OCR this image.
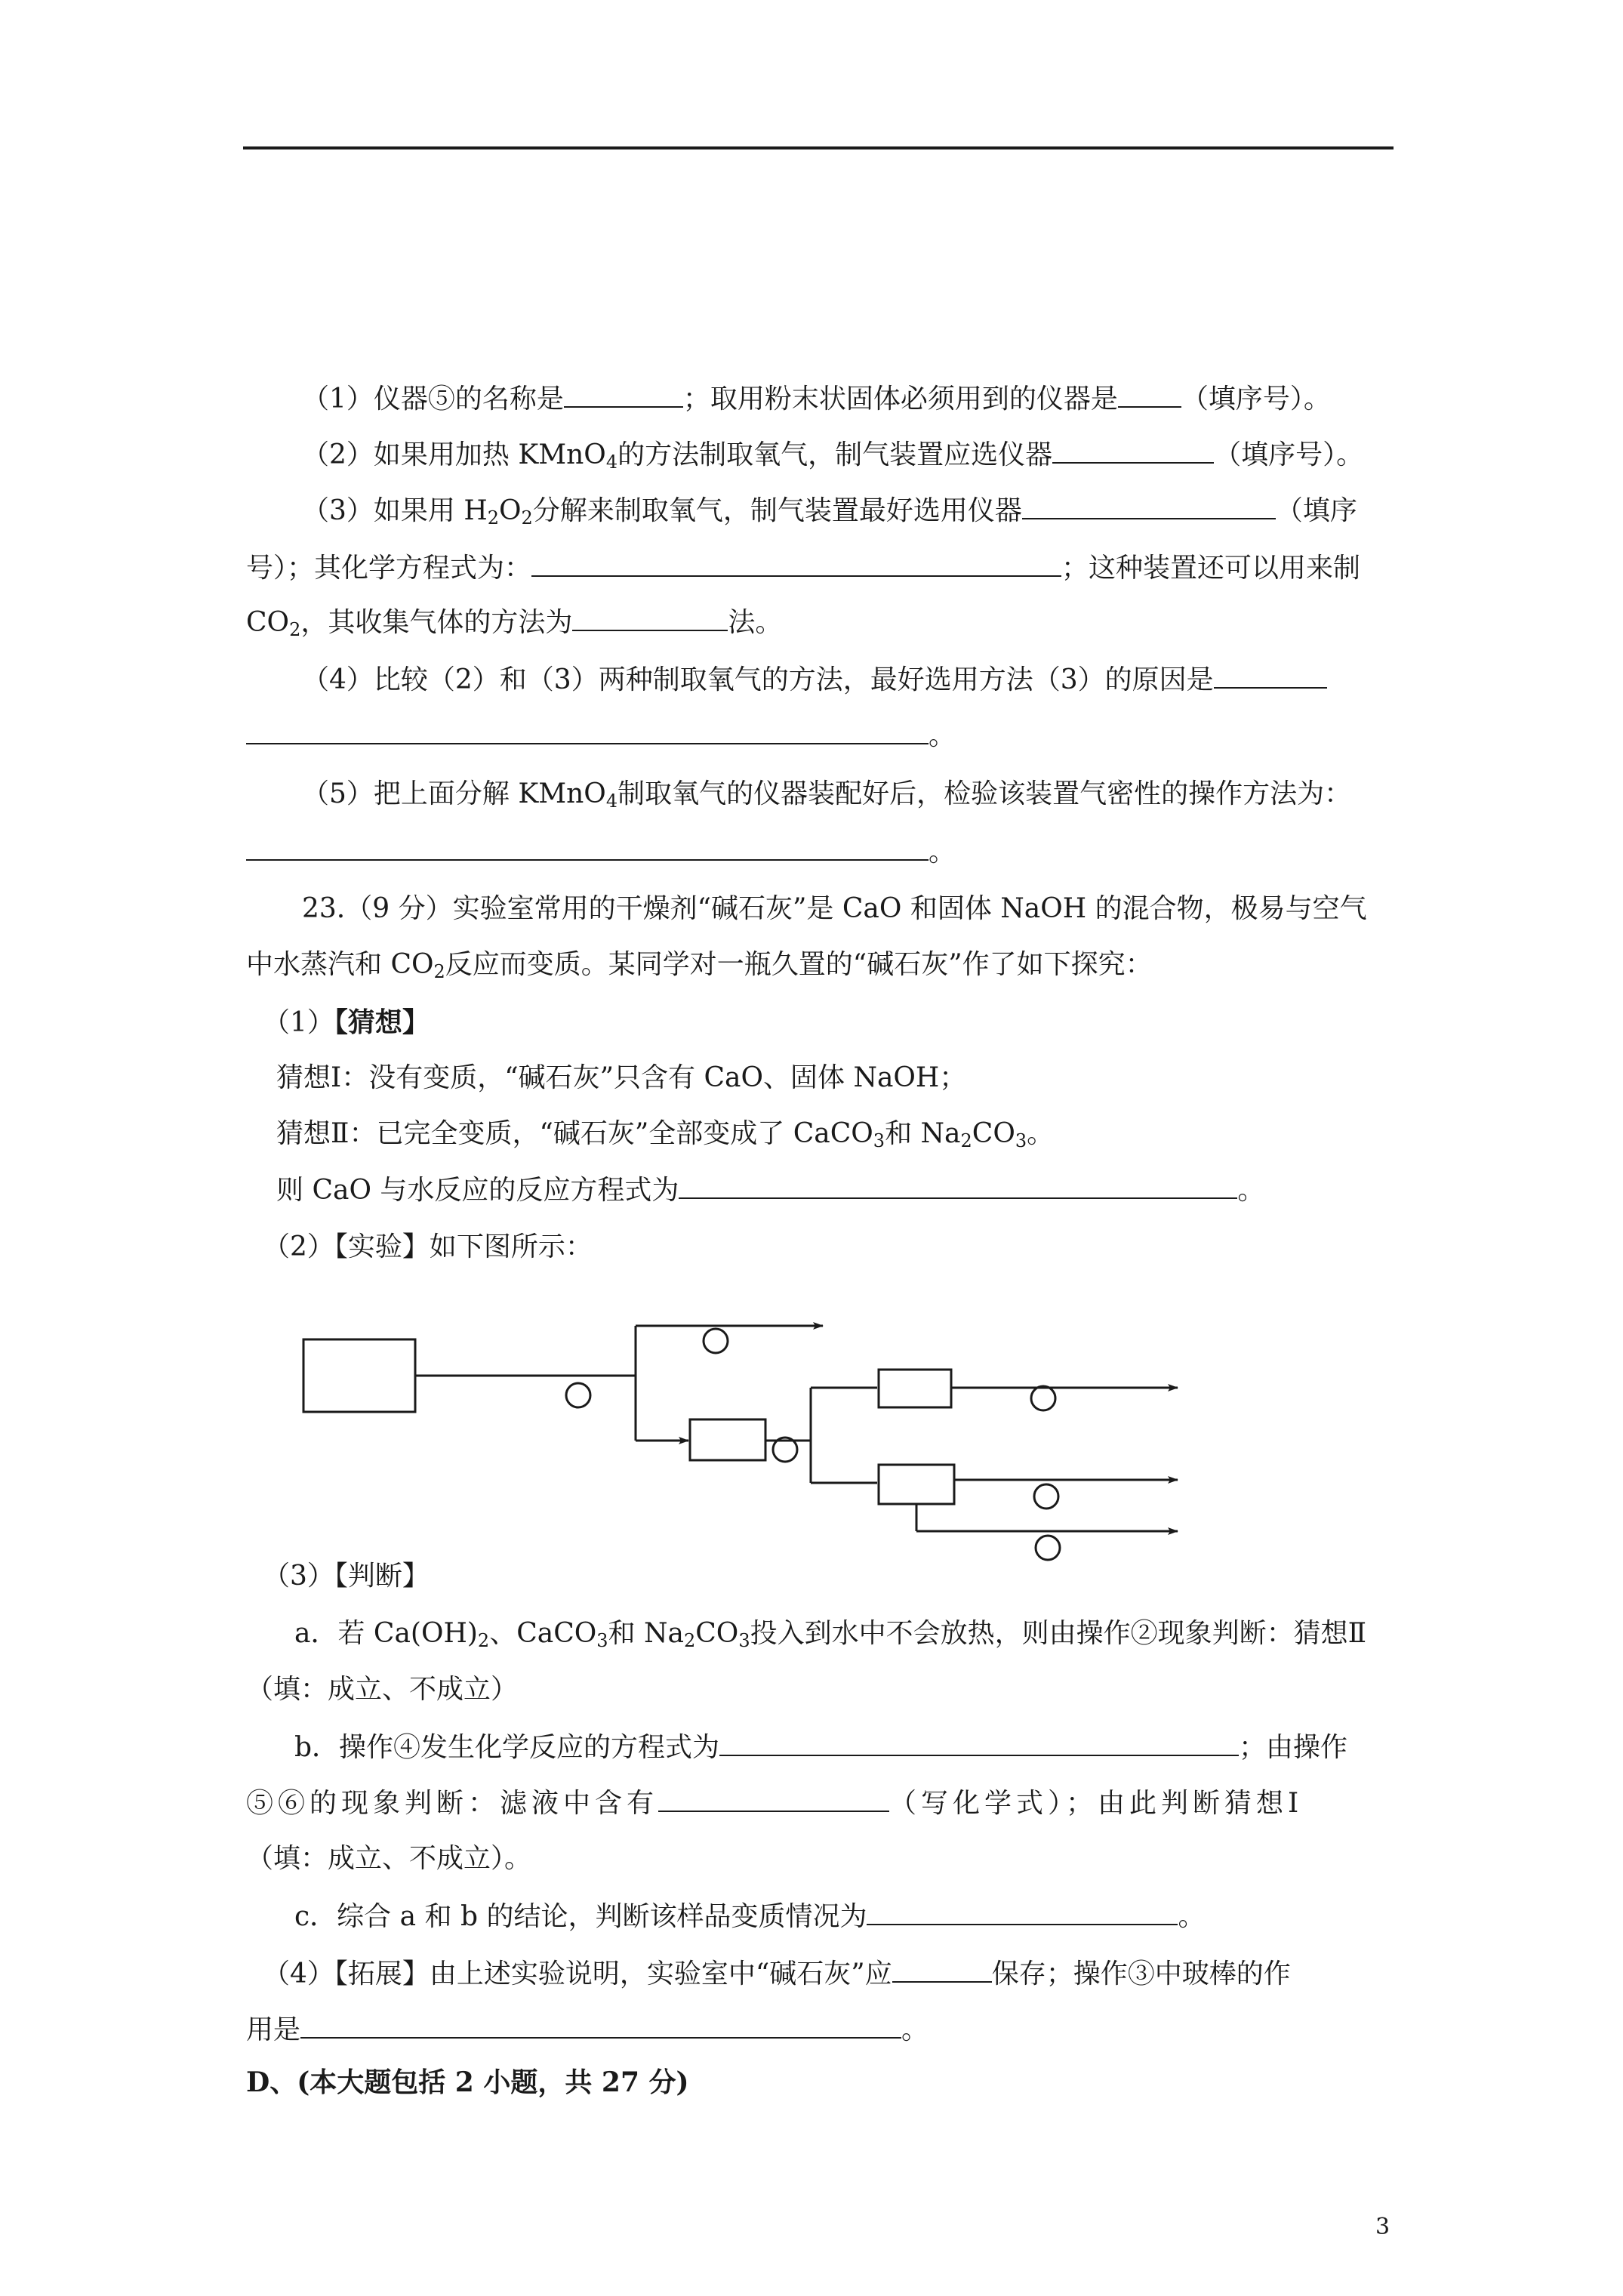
（1）仪器⑤的名称是	；取用粉末状固体必须用到的仪器是 （填序号）。
（2）如果用加热 KMnO$_4$的方法制取氧气，制气装置应选仪器	（填序号）。
（3）如果用 $H_2O_2$分解来制取氧气，制气装置最好选用仪器	（填序
号）；其化学方程式为：	；这种装置还可以用来制
$CO_2$，其收集气体的方法为	法。
（4）比较（2）和（3）两种制取氧气的方法，最好选用方法（3）的原因是
。
（5）把上面分解 KMnO$_4$制取氧气的仪器装配好后，检验该装置气密性的操作方法为：
。
23.（9 分）实验室常用的干燥剂“碱石灰”是 CaO 和固体 NaOH 的混合物，极易与空气
中水蒸汽和 $CO_2$反应而变质。某同学对一瓶久置的“碱石灰”作了如下探究：
（1）【猜想】
猜想Ⅰ：没有变质，“碱石灰”只含有 CaO、固体 NaOH；
猜想Ⅱ：已完全变质，“碱石灰”全部变成了 CaCO$_3$和 $Na_2CO_3$。
则 CaO 与水反应的反应方程式为	。
（2）【实验】如下图所示：
（3）【判断】
a．若 $Ca(OH)_2$、CaCO$_3$和 $Na_2CO_3$投入到水中不会放热，则由操作②现象判断：猜想Ⅱ
（填：成立、不成立）
b．操作④发生化学反应的方程式为	；由操作
⑤⑥的现象判断：滤液中含有	（写化学式）；由此判断猜想Ⅰ
（填：成立、不成立）。
c．综合 a 和 b 的结论，判断该样品变质情况为	。
（4）【拓展】由上述实验说明，实验室中“碱石灰”应	保存；操作③中玻棒的作
用是	。
D、(本大题包括 2 小题，共 27 分)
3
